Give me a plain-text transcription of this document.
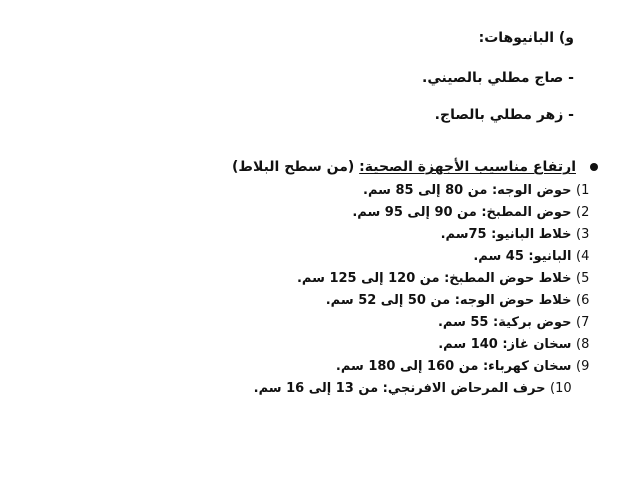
و) البانيوهات:
- صاج مطلي بالصيني.
- زهر مطلي بالصاج.
ارتفاع مناسيب الأجهزة الصحية: (من سطح البلاط)
(1 حوض الوجه: من 80 إلى 85 سم.
(2 حوض المطبخ: من 90 إلى 95 سم.
(3 خلاط البانيو: 75سم.
(4 البانيو: 45 سم.
(5 خلاط حوض المطبخ: من 120 إلى 125 سم.
(6 خلاط حوض الوجه: من 50 إلى 52 سم.
(7 حوض بركية: 55 سم.
(8 سخان غاز: 140 سم.
(9 سخان كهرباء: من 160 إلى 180 سم.
(10 حرف المرحاض الافرنجي: من 13 إلى 16 سم.
